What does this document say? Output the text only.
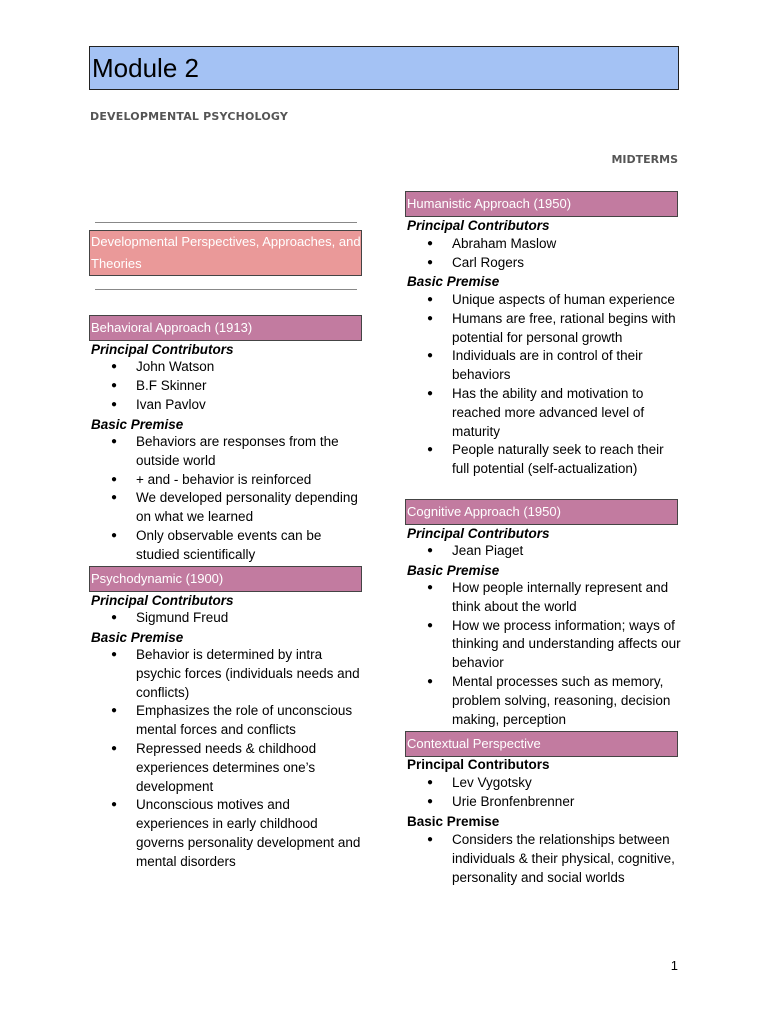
Module 2
DEVELOPMENTAL PSYCHOLOGY
MIDTERMS
Developmental Perspectives, Approaches, and Theories
Behavioral Approach (1913)
Principal Contributors
● John Watson
● B.F Skinner
● Ivan Pavlov
Basic Premise
● Behaviors are responses from the outside world
● + and - behavior is reinforced
● We developed personality depending on what we learned
● Only observable events can be studied scientifically
Psychodynamic (1900)
Principal Contributors
● Sigmund Freud
Basic Premise
● Behavior is determined by intra psychic forces (individuals needs and conflicts)
● Emphasizes the role of unconscious mental forces and conflicts
● Repressed needs & childhood experiences determines one’s development
● Unconscious motives and experiences in early childhood governs personality development and mental disorders
Humanistic Approach (1950)
Principal Contributors
● Abraham Maslow
● Carl Rogers
Basic Premise
● Unique aspects of human experience
● Humans are free, rational begins with potential for personal growth
● Individuals are in control of their behaviors
● Has the ability and motivation to reached more advanced level of maturity
● People naturally seek to reach their full potential (self-actualization)
Cognitive Approach (1950)
Principal Contributors
● Jean Piaget
Basic Premise
● How people internally represent and think about the world
● How we process information; ways of thinking and understanding affects our behavior
● Mental processes such as memory, problem solving, reasoning, decision making, perception
Contextual Perspective
Principal Contributors
● Lev Vygotsky
● Urie Bronfenbrenner
Basic Premise
● Considers the relationships between individuals & their physical, cognitive, personality and social worlds
1
